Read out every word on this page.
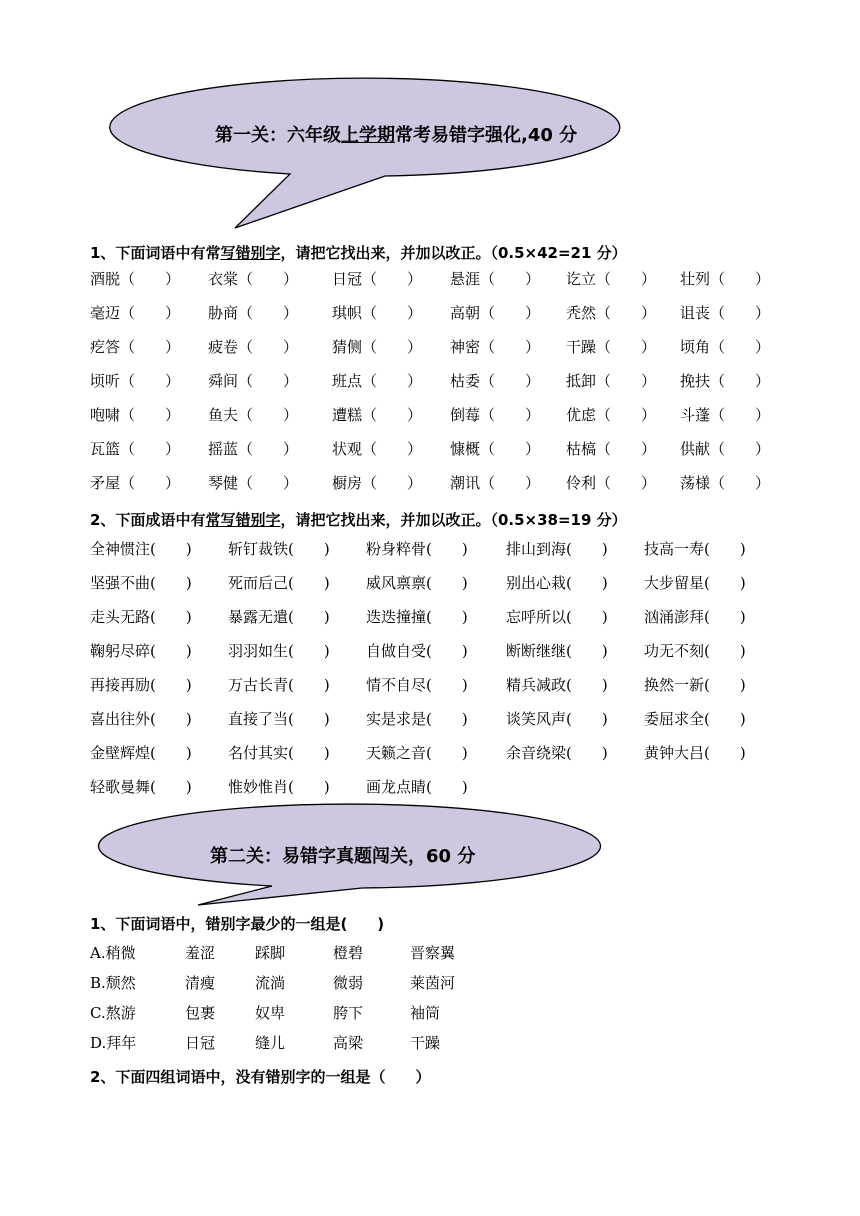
第一关：六年级上学期常考易错字强化,40 分
1、下面词语中有常写错别字，请把它找出来，并加以改正。（0.5×42=21 分）
酒脱（　　） 衣棠（　　） 日冠（　　） 悬涯（　　） 讫立（　　） 壮列（　　）
毫迈（　　） 胁商（　　） 琪帜（　　） 高朝（　　） 秃然（　　） 诅丧（　　）
疙答（　　） 疲卷（　　） 猜侧（　　） 神密（　　） 干躁（　　） 顷角（　　）
顷听（　　） 舜间（　　） 班点（　　） 枯委（　　） 抵卸（　　） 挽扶（　　）
咆啸（　　） 鱼夫（　　） 遭糕（　　） 倒莓（　　） 优虑（　　） 斗蓬（　　）
瓦篮（　　） 摇蓝（　　） 状观（　　） 慷概（　　） 枯槁（　　） 供献（　　）
矛屋（　　） 琴健（　　） 橱房（　　） 潮讯（　　） 伶利（　　） 荡様（　　）
2、下面成语中有常写错别字，请把它找出来，并加以改正。（0.5×38=19 分）
全神惯注(　　) 斩钉裁铁(　　) 粉身粹骨(　　)	排山到海(　　) 技高一寿(　　)
坚强不曲(　　) 死而后己(　　) 威风禀禀(　　)	别出心栽(　　) 大步留星(　　)
走头无路(　　) 暴露无遣(　　) 迭迭撞撞(　　)	忘呼所以(　　) 汹涌澎拜(　　)
鞠躬尽碎(　　) 羽羽如生(　　) 自做自受(　　)	断断继继(　　) 功无不刻(　　)
再接再励(　　) 万古长青(　　) 情不自尽(　　)	精兵减政(　　) 换然一新(　　)
喜出往外(　　) 直接了当(　　) 实是求是(　　)	谈笑风声(　　) 委屈求全(　　)
金壁辉煌(　　) 名付其实(　　) 天籁之音(　　)	余音绕梁(　　) 黄钟大吕(　　)
轻歌曼舞(　　) 惟妙惟肖(　　) 画龙点睛(　　)
第二关：易错字真题闯关，60 分
1、下面词语中，错别字最少的一组是(　　)
A.稍微	羞涩	踩脚	橙碧	晋察翼
B.颓然	清瘦	流淌	微弱	莱茵河
C.熬游	包裹	奴卑	胯下	袖筒
D.拜年	日冠	缝儿	高梁	干躁
2、下面四组词语中，没有错别字的一组是（　　）
